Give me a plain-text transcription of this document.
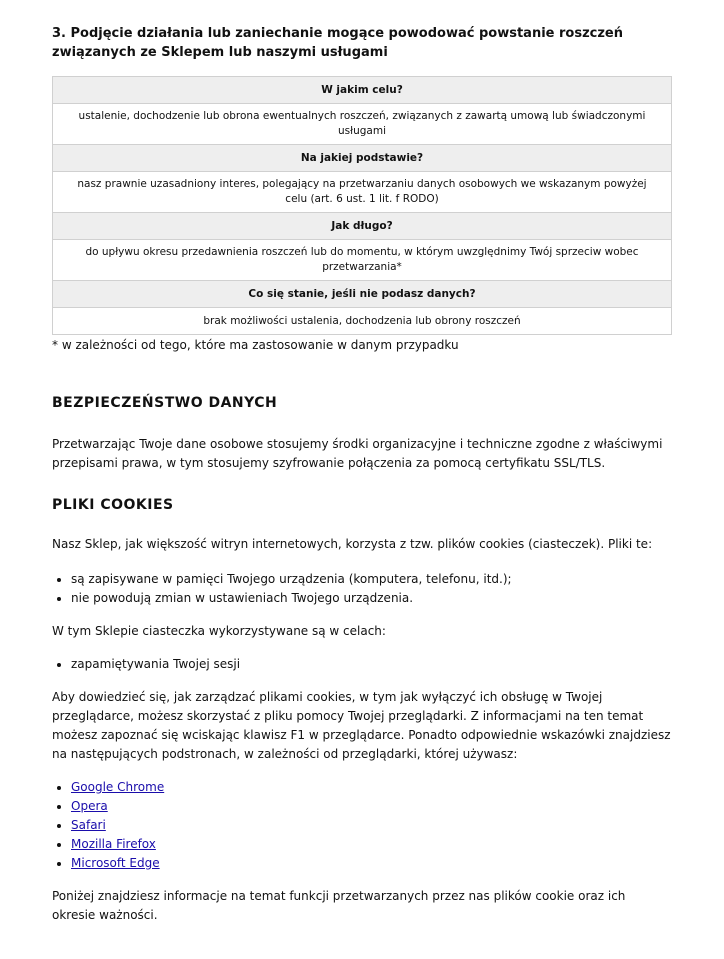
3. Podjęcie działania lub zaniechanie mogące powodować powstanie roszczeń związanych ze Sklepem lub naszymi usługami
W jakim celu?
ustalenie, dochodzenie lub obrona ewentualnych roszczeń, związanych z zawartą umową lub świadczonymi usługami
Na jakiej podstawie?
nasz prawnie uzasadniony interes, polegający na przetwarzaniu danych osobowych we wskazanym powyżej celu (art. 6 ust. 1 lit. f RODO)
Jak długo?
do upływu okresu przedawnienia roszczeń lub do momentu, w którym uwzględnimy Twój sprzeciw wobec przetwarzania*
Co się stanie, jeśli nie podasz danych?
brak możliwości ustalenia, dochodzenia lub obrony roszczeń

* w zależności od tego, które ma zastosowanie w danym przypadku

BEZPIECZEŃSTWO DANYCH

Przetwarzając Twoje dane osobowe stosujemy środki organizacyjne i techniczne zgodne z właściwymi przepisami prawa, w tym stosujemy szyfrowanie połączenia za pomocą certyfikatu SSL/TLS.

PLIKI COOKIES

Nasz Sklep, jak większość witryn internetowych, korzysta z tzw. plików cookies (ciasteczek). Pliki te:

• są zapisywane w pamięci Twojego urządzenia (komputera, telefonu, itd.);
• nie powodują zmian w ustawieniach Twojego urządzenia.

W tym Sklepie ciasteczka wykorzystywane są w celach:

• zapamiętywania Twojej sesji

Aby dowiedzieć się, jak zarządzać plikami cookies, w tym jak wyłączyć ich obsługę w Twojej przeglądarce, możesz skorzystać z pliku pomocy Twojej przeglądarki. Z informacjami na ten temat możesz zapoznać się wciskając klawisz F1 w przeglądarce. Ponadto odpowiednie wskazówki znajdziesz na następujących podstronach, w zależności od przeglądarki, której używasz:

• Google Chrome
• Opera
• Safari
• Mozilla Firefox
• Microsoft Edge

Poniżej znajdziesz informacje na temat funkcji przetwarzanych przez nas plików cookie oraz ich okresie ważności.
